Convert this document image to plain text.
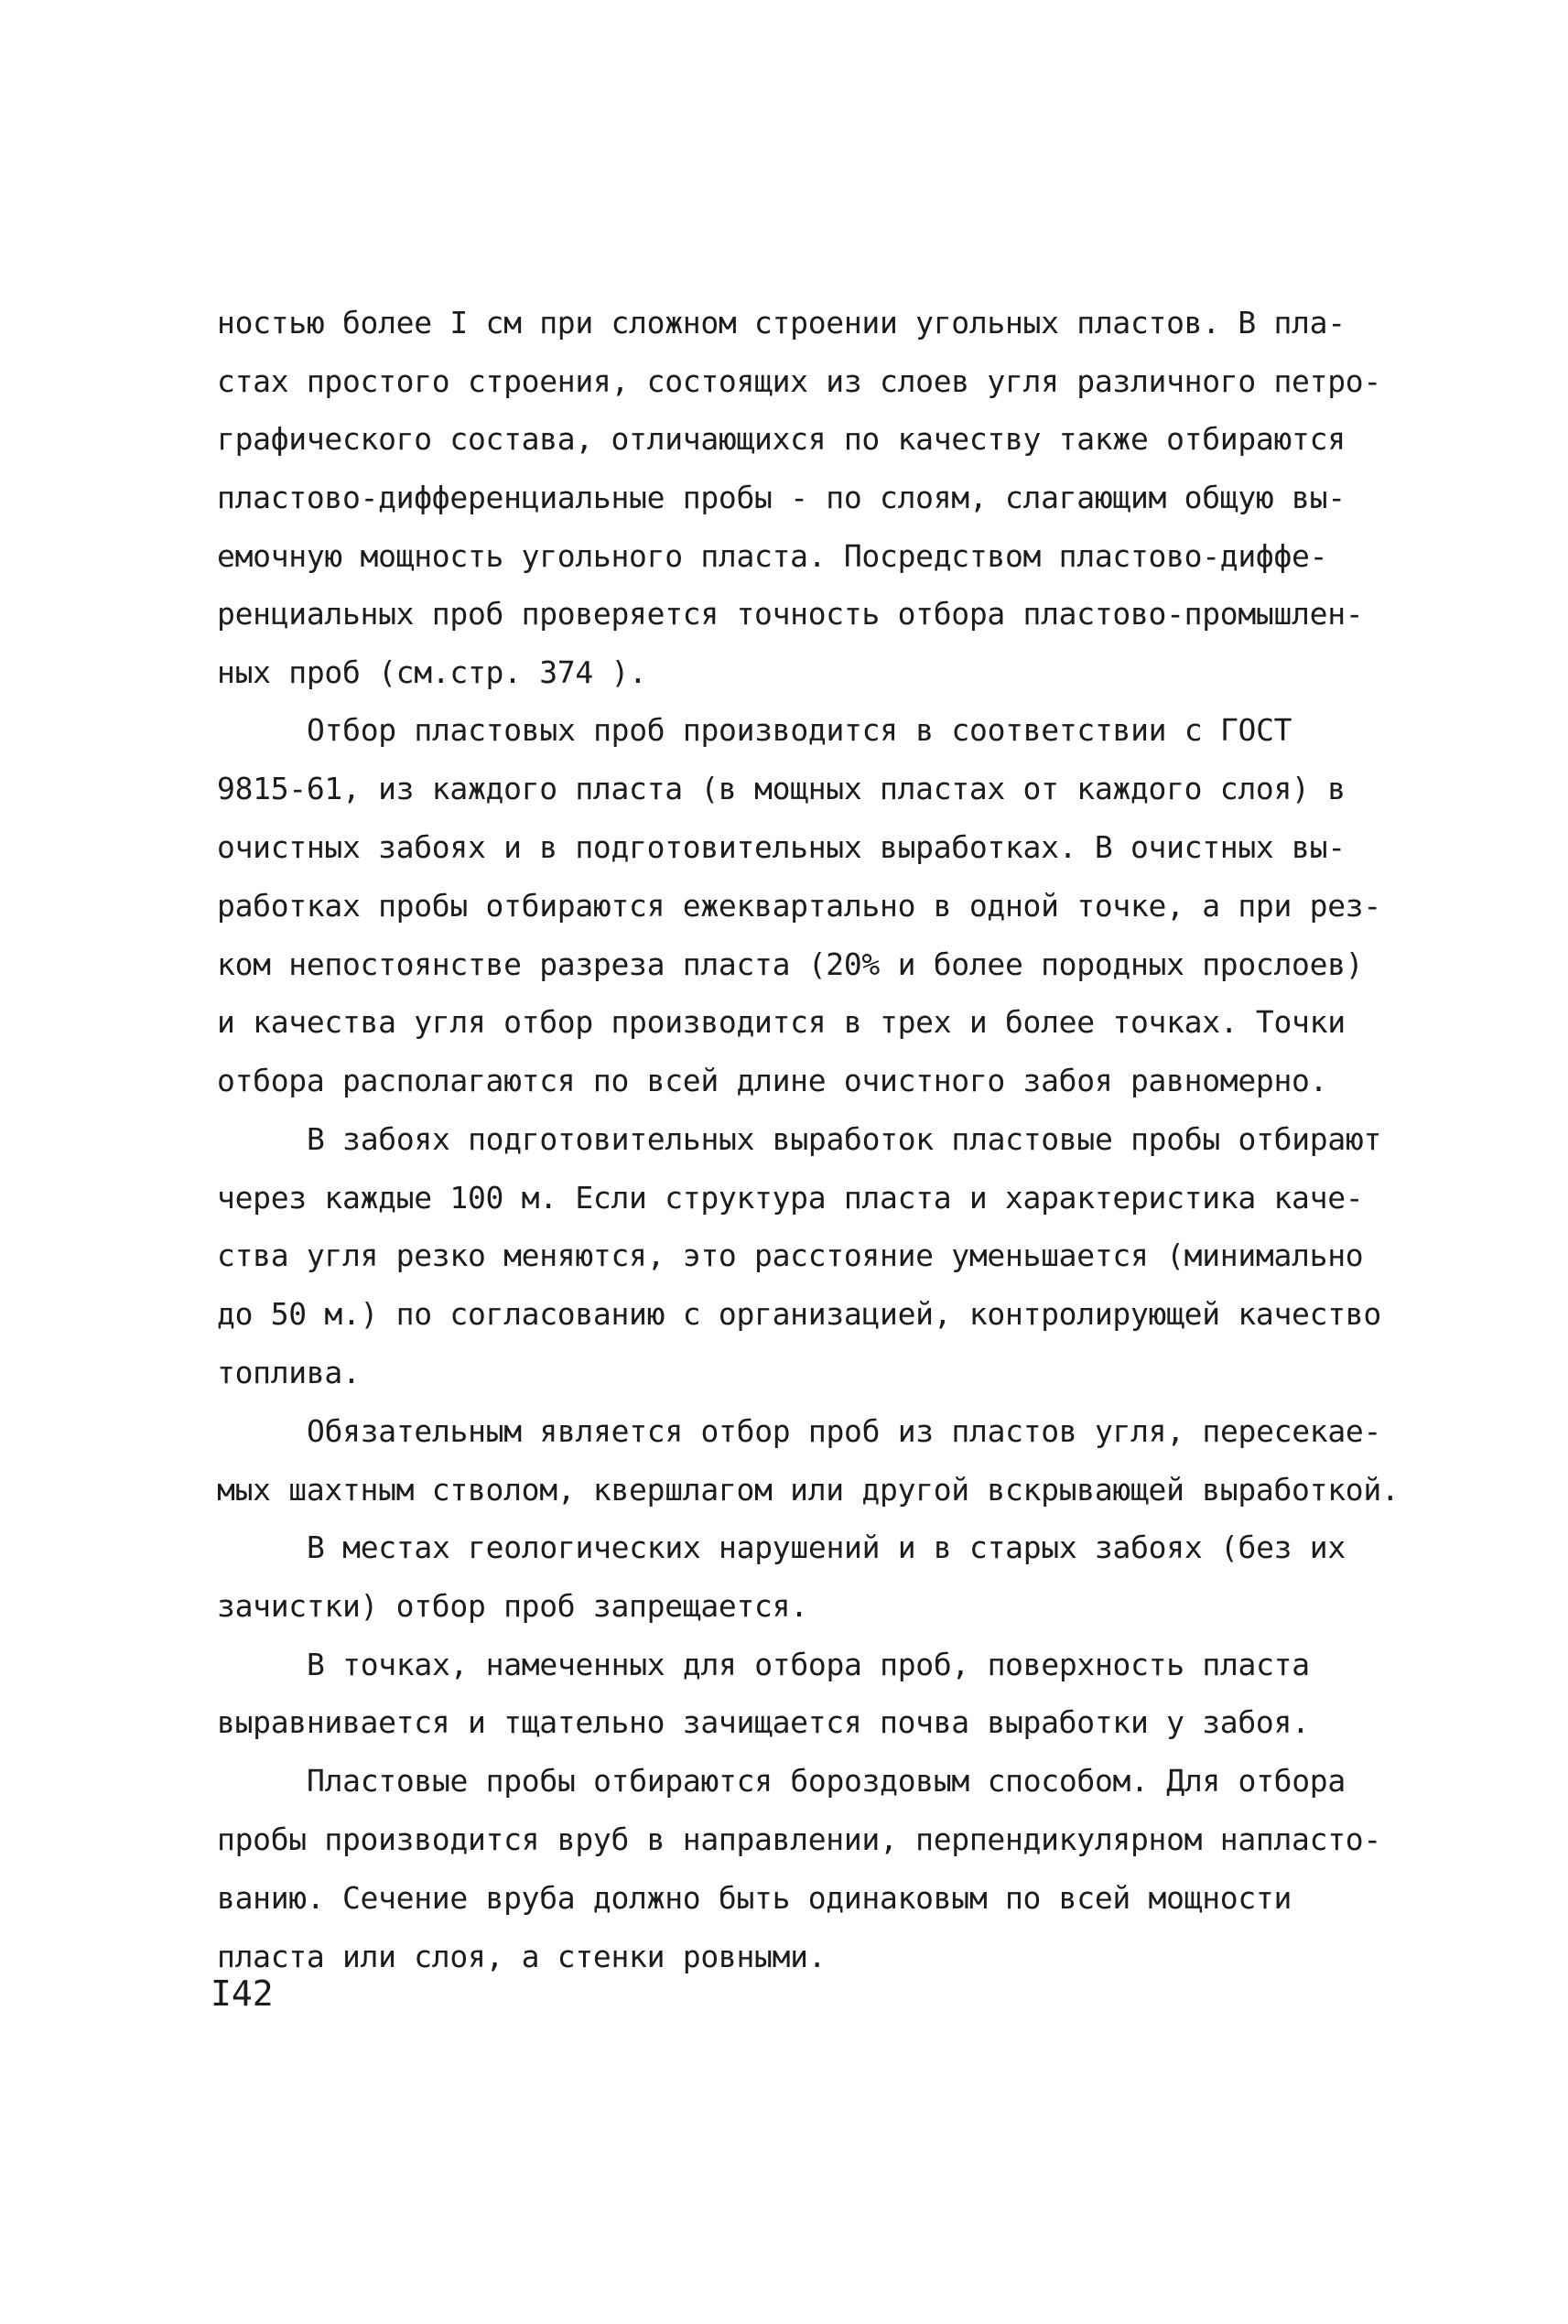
ностью более I см при сложном строении угольных пластов. В пла-

стах простого строения, состоящих из слоев угля различного петро-

графического состава, отличающихся по качеству также отбираются

пластово-дифференциальные пробы - по слоям, слагающим общую вы-

емочную мощность угольного пласта. Посредством пластово-диффе-

ренциальных проб проверяется точность отбора пластово-промышлен-

ных проб (см.стр. 374 ).

Отбор пластовых проб производится в соответствии с ГОСТ

9815-61, из каждого пласта (в мощных пластах от каждого слоя) в

очистных забоях и в подготовительных выработках. В очистных вы-

работках пробы отбираются ежеквартально в одной точке, а при рез-

ком непостоянстве разреза пласта (20% и более породных прослоев)

и качества угля отбор производится в трех и более точках. Точки

отбора располагаются по всей длине очистного забоя равномерно.

В забоях подготовительных выработок пластовые пробы отбирают

через каждые 100 м. Если структура пласта и характеристика каче-

ства угля резко меняются, это расстояние уменьшается (минимально

до 50 м.) по согласованию с организацией, контролирующей качество

топлива.

Обязательным является отбор проб из пластов угля, пересекае-

мых шахтным стволом, квершлагом или другой вскрывающей выработкой.

В местах геологических нарушений и в старых забоях (без их

зачистки) отбор проб запрещается.

В точках, намеченных для отбора проб, поверхность пласта

выравнивается и тщательно зачищается почва выработки у забоя.

Пластовые пробы отбираются бороздовым способом. Для отбора

пробы производится вруб в направлении, перпендикулярном напласто-

ванию. Сечение вруба должно быть одинаковым по всей мощности

пласта или слоя, а стенки ровными.

I42
